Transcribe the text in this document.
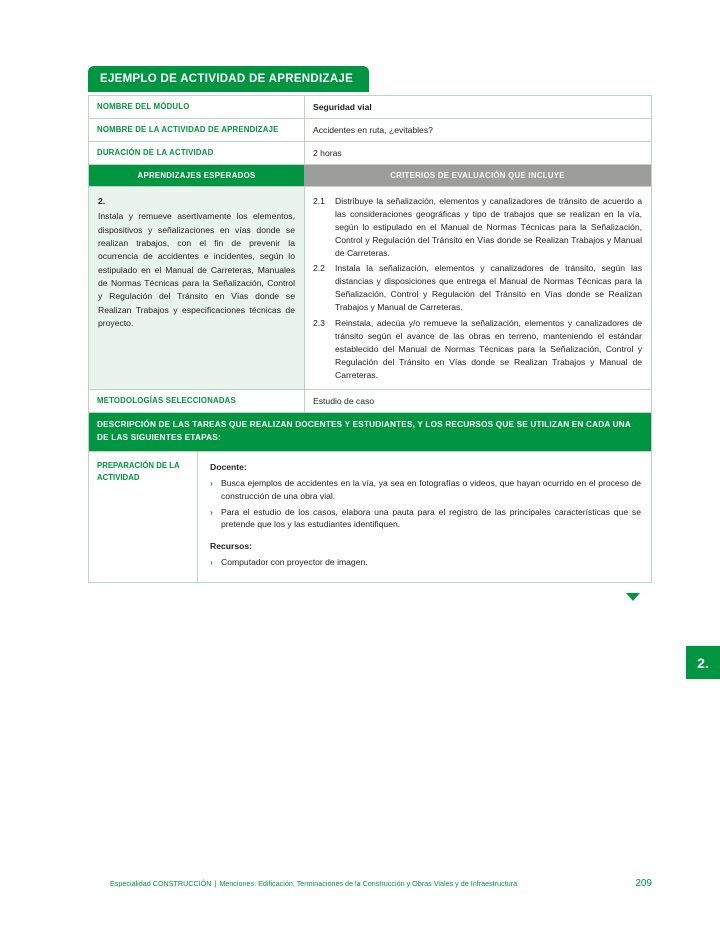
EJEMPLO DE ACTIVIDAD DE APRENDIZAJE
NOMBRE DEL MÓDULO	Seguridad vial
NOMBRE DE LA ACTIVIDAD DE APRENDIZAJE	Accidentes en ruta, ¿evitables?
DURACIÓN DE LA ACTIVIDAD	2 horas
APRENDIZAJES ESPERADOS	CRITERIOS DE EVALUACIÓN QUE INCLUYE
2.
Instala y remueve asertivamente los elementos, dispositivos y señalizaciones en vías donde se realizan trabajos, con el fin de prevenir la ocurrencia de accidentes e incidentes, según lo estipulado en el Manual de Carreteras, Manuales de Normas Técnicas para la Señalización, Control y Regulación del Tránsito en Vías donde se Realizan Trabajos y especificaciones técnicas de proyecto.
2.1	Distribuye la señalización, elementos y canalizadores de tránsito de acuerdo a las consideraciones geográficas y tipo de trabajos que se realizan en la vía, según lo estipulado en el Manual de Normas Técnicas para la Señalización, Control y Regulación del Tránsito en Vías donde se Realizan Trabajos y Manual de Carreteras.
2.2	Instala la señalización, elementos y canalizadores de tránsito, según las distancias y disposiciones que entrega el Manual de Normas Técnicas para la Señalización, Control y Regulación del Tránsito en Vías donde se Realizan Trabajos y Manual de Carreteras.
2.3	Reinstala, adecúa y/o remueve la señalización, elementos y canalizadores de tránsito según el avance de las obras en terreno, manteniendo el estándar establecido del Manual de Normas Técnicas para la Señalización, Control y Regulación del Tránsito en Vías donde se Realizan Trabajos y Manual de Carreteras.
METODOLOGÍAS SELECCIONADAS	Estudio de caso
DESCRIPCIÓN DE LAS TAREAS QUE REALIZAN DOCENTES Y ESTUDIANTES, Y LOS RECURSOS QUE SE UTILIZAN EN CADA UNA DE LAS SIGUIENTES ETAPAS:
PREPARACIÓN DE LA ACTIVIDAD
Docente:
› Busca ejemplos de accidentes en la vía, ya sea en fotografías o videos, que hayan ocurrido en el proceso de construcción de una obra vial.
› Para el estudio de los casos, elabora una pauta para el registro de las principales características que se pretende que los y las estudiantes identifiquen.
Recursos:
› Computador con proyector de imagen.
2.
Especialidad CONSTRUCCIÓN | Menciones: Edificación, Terminaciones de la Construcción y Obras Viales y de Infraestructura	209
